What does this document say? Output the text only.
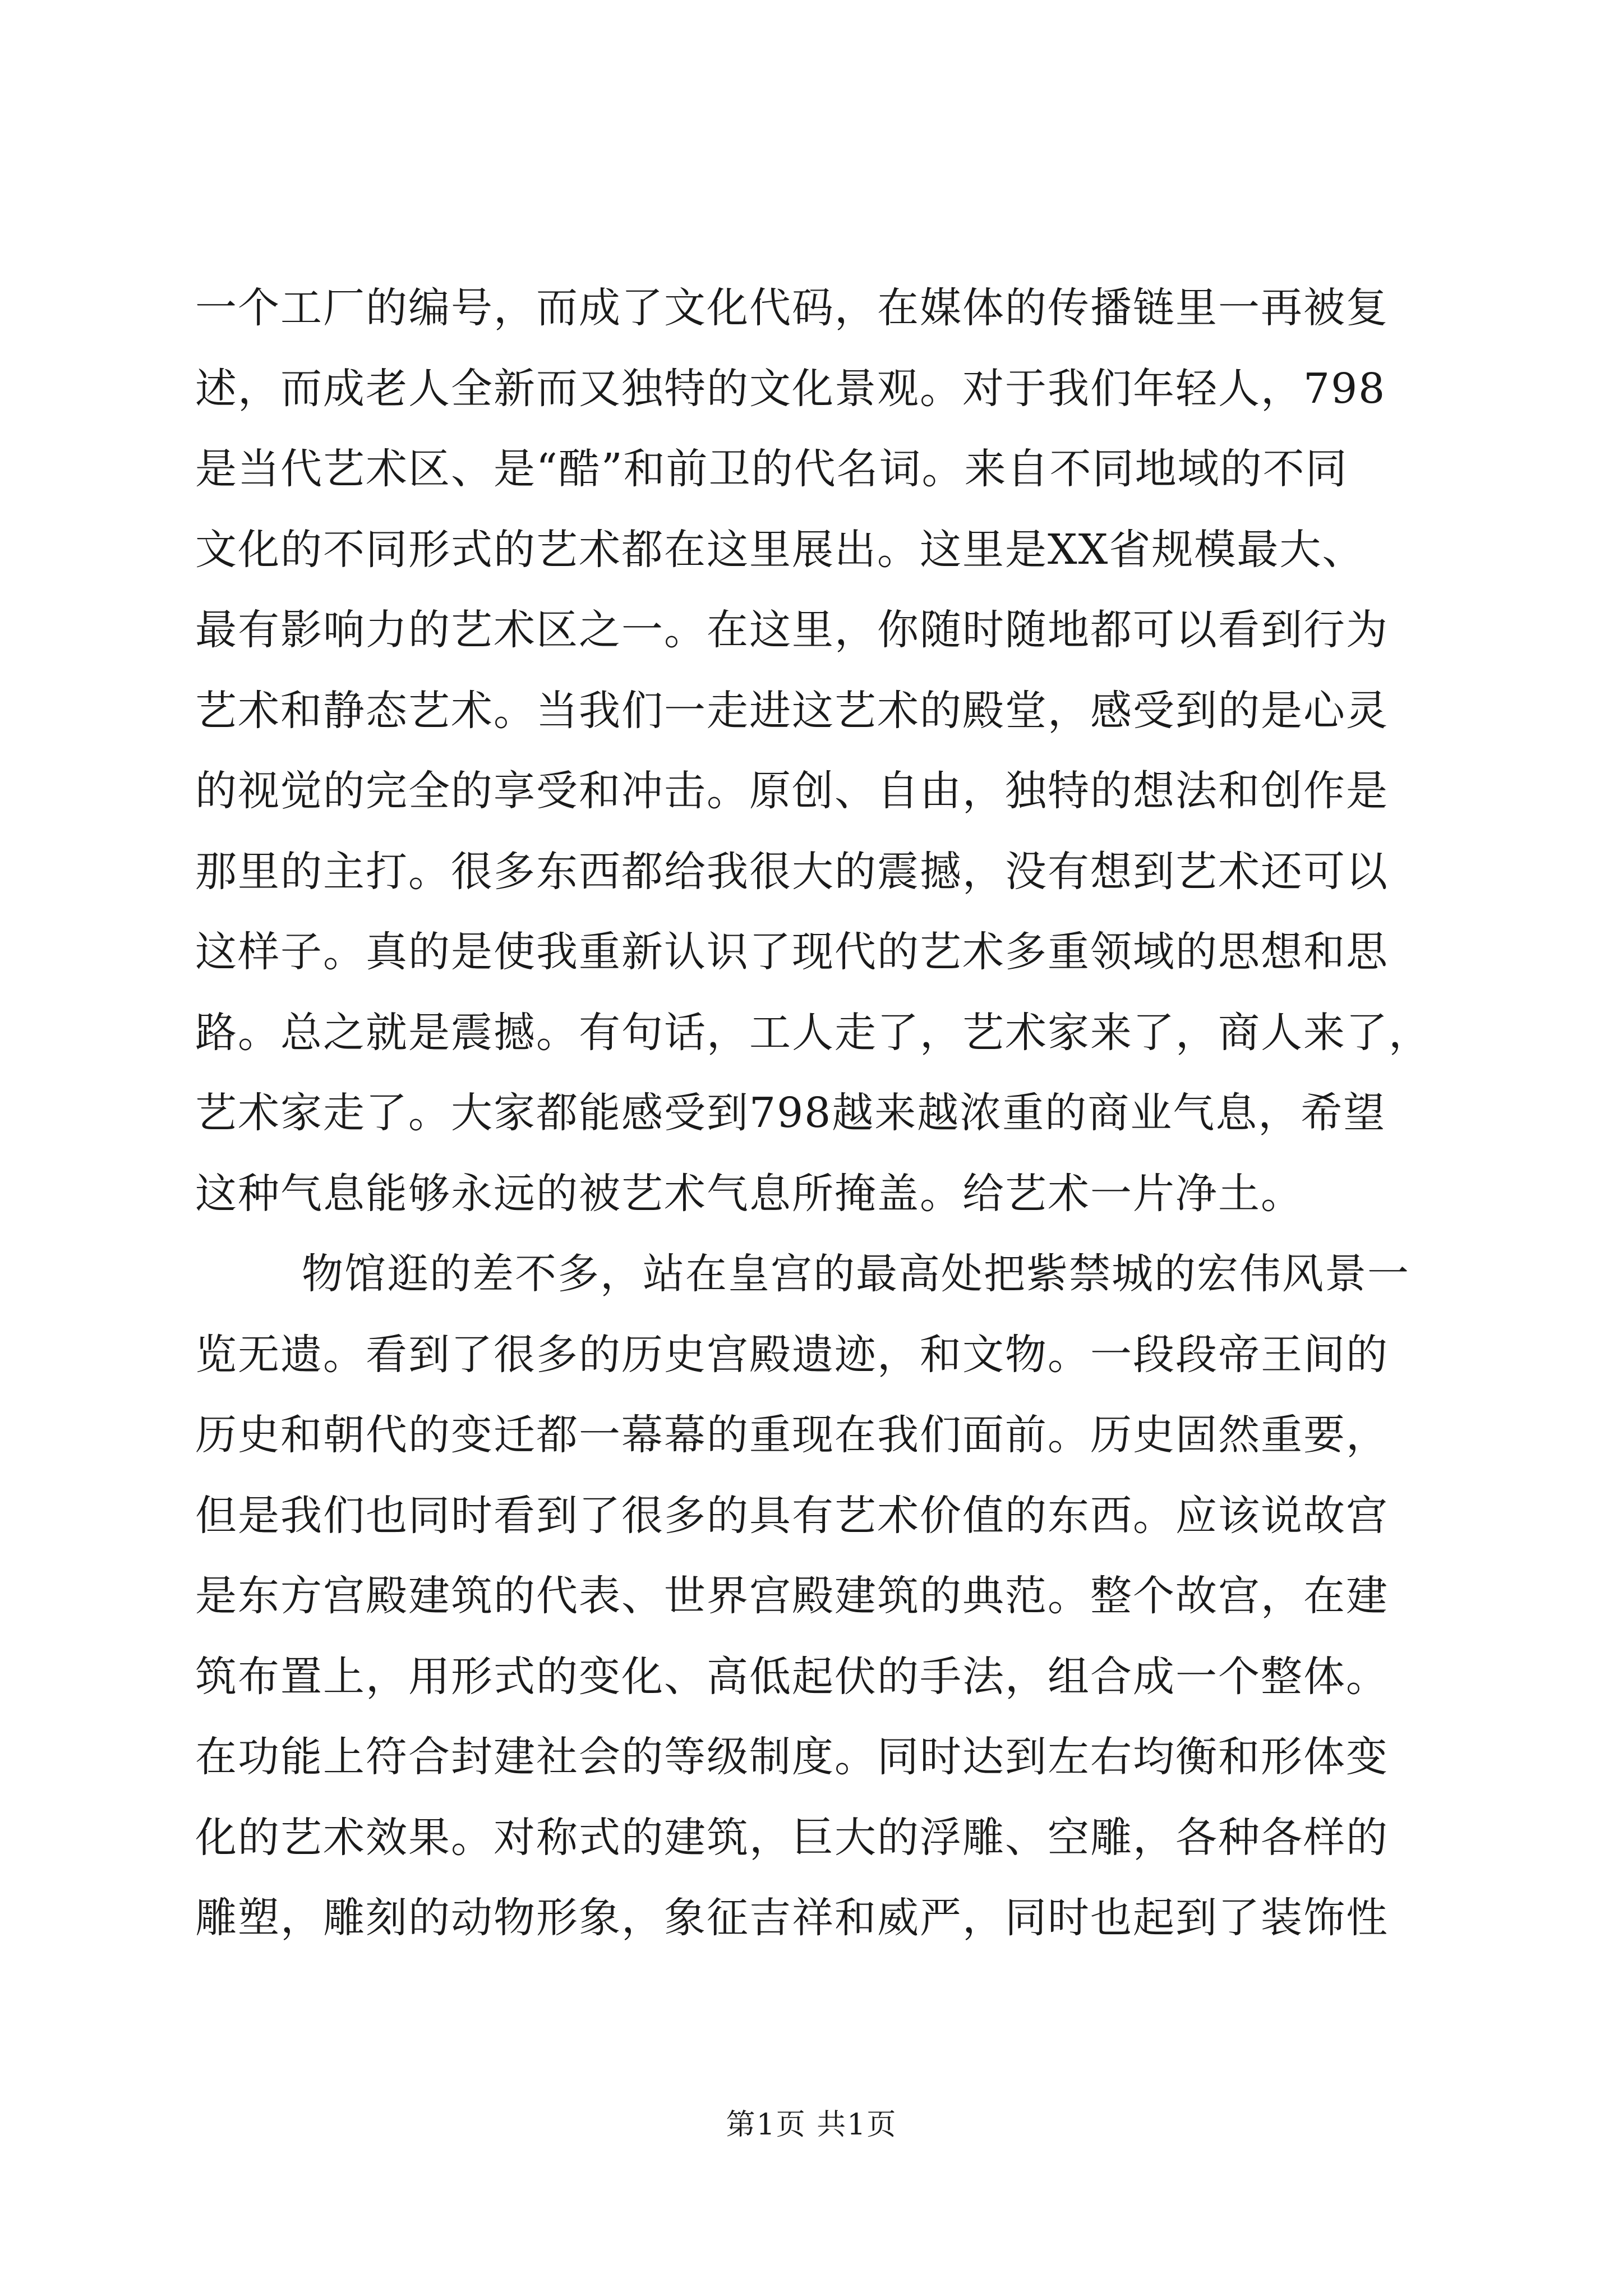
一个工厂的编号，而成了文化代码，在媒体的传播链里一再被复
述，而成老人全新而又独特的文化景观。对于我们年轻人，798
是当代艺术区、是“酷”和前卫的代名词。来自不同地域的不同
文化的不同形式的艺术都在这里展出。这里是XX省规模最大、
最有影响力的艺术区之一。在这里，你随时随地都可以看到行为
艺术和静态艺术。当我们一走进这艺术的殿堂，感受到的是心灵
的视觉的完全的享受和冲击。原创、自由，独特的想法和创作是
那里的主打。很多东西都给我很大的震撼，没有想到艺术还可以
这样子。真的是使我重新认识了现代的艺术多重领域的思想和思
路。总之就是震撼。有句话，工人走了，艺术家来了，商人来了，
艺术家走了。大家都能感受到798越来越浓重的商业气息，希望
这种气息能够永远的被艺术气息所掩盖。给艺术一片净土。
物馆逛的差不多，站在皇宫的最高处把紫禁城的宏伟风景一
览无遗。看到了很多的历史宫殿遗迹，和文物。一段段帝王间的
历史和朝代的变迁都一幕幕的重现在我们面前。历史固然重要，
但是我们也同时看到了很多的具有艺术价值的东西。应该说故宫
是东方宫殿建筑的代表、世界宫殿建筑的典范。整个故宫，在建
筑布置上，用形式的变化、高低起伏的手法，组合成一个整体。
在功能上符合封建社会的等级制度。同时达到左右均衡和形体变
化的艺术效果。对称式的建筑，巨大的浮雕、空雕，各种各样的
雕塑，雕刻的动物形象，象征吉祥和威严，同时也起到了装饰性
第1页 共1页
